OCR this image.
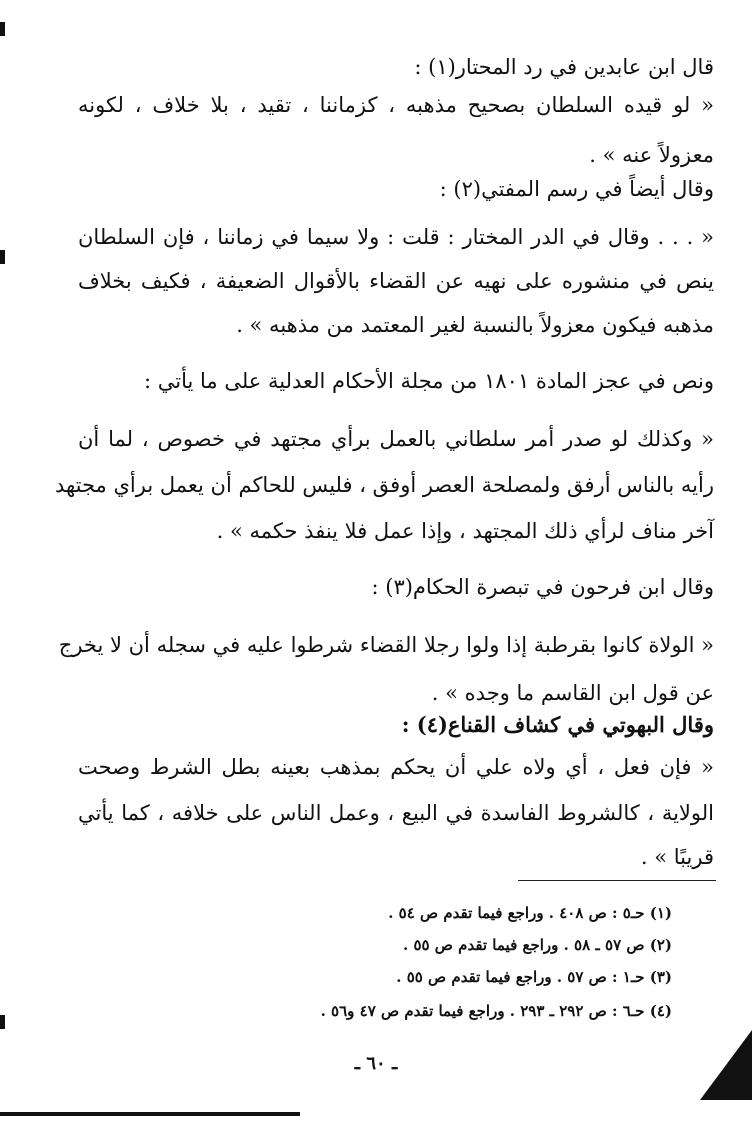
قال ابن عابدين في رد المحتار(١) :
« لو قيده السلطان بصحيح مذهبه ، كزماننا ، تقيد ، بلا خلاف ، لكونه
معزولاً عنه » .
وقال أيضاً في رسم المفتي(٢) :
« . . . وقال في الدر المختار : قلت : ولا سيما في زماننا ، فإن السلطان
ينص في منشوره على نهيه عن القضاء بالأقوال الضعيفة ، فكيف بخلاف
مذهبه فيكون معزولاً بالنسبة لغير المعتمد من مذهبه » .
ونص في عجز المادة ١٨٠١ من مجلة الأحكام العدلية على ما يأتي :
« وكذلك لو صدر أمر سلطاني بالعمل برأي مجتهد في خصوص ، لما أن
رأيه بالناس أرفق ولمصلحة العصر أوفق ، فليس للحاكم أن يعمل برأي مجتهد
آخر مناف لرأي ذلك المجتهد ، وإذا عمل فلا ينفذ حكمه » .
وقال ابن فرحون في تبصرة الحكام(٣) :
« الولاة كانوا بقرطبة إذا ولوا رجلا القضاء شرطوا عليه في سجله أن لا يخرج
عن قول ابن القاسم ما وجده » .
وقال البهوتي في كشاف القناع(٤) :
« فإن فعل ، أي ولاه علي أن يحكم بمذهب بعينه بطل الشرط وصحت
الولاية ، كالشروط الفاسدة في البيع ، وعمل الناس على خلافه ، كما يأتي
قريبًا » .
(١) حـ٥ : ص ٤٠٨ . وراجع فيما تقدم ص ٥٤ .
(٢) ص ٥٧ ـ ٥٨ . وراجع فيما تقدم ص ٥٥ .
(٣) حـ١ : ص ٥٧ . وراجع فيما تقدم ص ٥٥ .
(٤) حـ٦ : ص ٢٩٢ ـ ٢٩٣ . وراجع فيما تقدم ص ٤٧ و٥٦ .
ـ ٦٠ ـ
